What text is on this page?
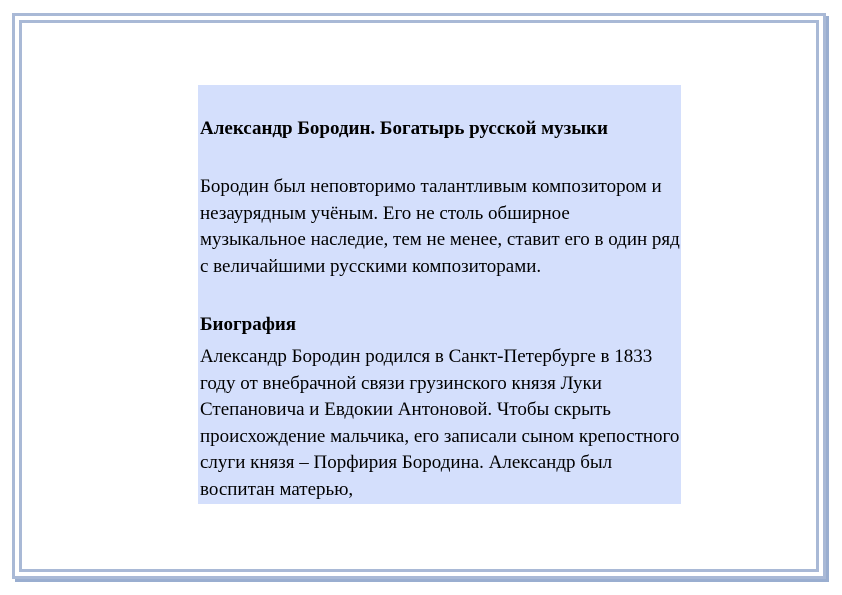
Александр Бородин. Богатырь русской музыки

Бородин был неповторимо талантливым композитором и незаурядным учёным. Его не столь обширное музыкальное наследие, тем не менее, ставит его в один ряд с величайшими русскими композиторами.

Биография

Александр Бородин родился в Санкт-Петербурге в 1833 году от внебрачной связи грузинского князя Луки Степановича и Евдокии Антоновой. Чтобы скрыть происхождение мальчика, его записали сыном крепостного слуги князя – Порфирия Бородина. Александр был воспитан матерью,
